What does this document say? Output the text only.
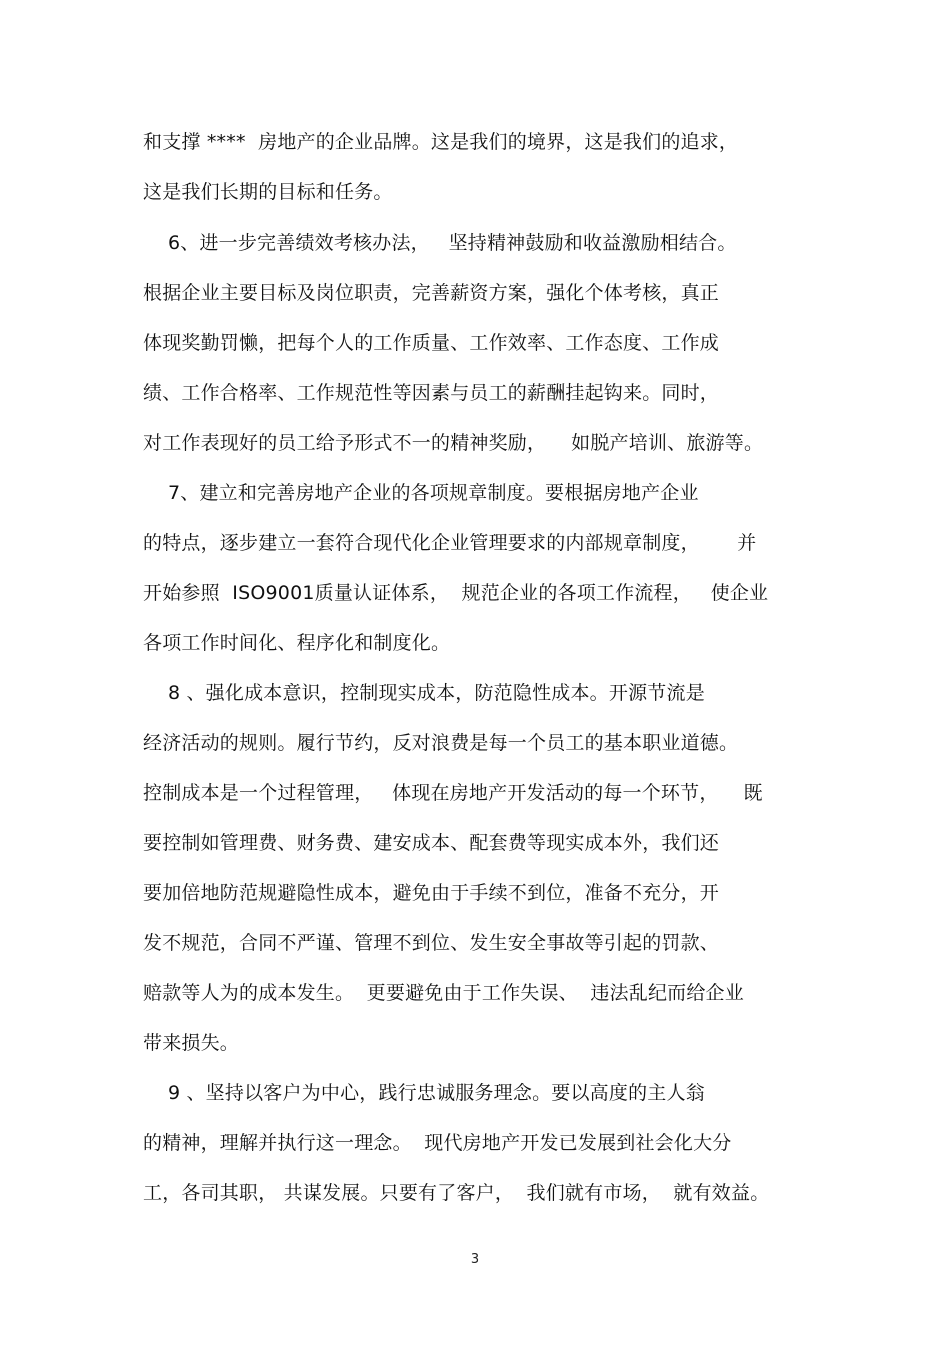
和支撑 ****  房地产的企业品牌。这是我们的境界，这是我们的追求，
这是我们长期的目标和任务。
6、进一步完善绩效考核办法，   坚持精神鼓励和收益激励相结合。
根据企业主要目标及岗位职责，完善薪资方案，强化个体考核，真正
体现奖勤罚懒，把每个人的工作质量、工作效率、工作态度、工作成
绩、工作合格率、工作规范性等因素与员工的薪酬挂起钩来。同时，
对工作表现好的员工给予形式不一的精神奖励，    如脱产培训、旅游等。
7、建立和完善房地产企业的各项规章制度。要根据房地产企业
的特点，逐步建立一套符合现代化企业管理要求的内部规章制度，      并
开始参照  ISO9001质量认证体系，  规范企业的各项工作流程，   使企业
各项工作时间化、程序化和制度化。
8 、强化成本意识，控制现实成本，防范隐性成本。开源节流是
经济活动的规则。履行节约，反对浪费是每一个员工的基本职业道德。
控制成本是一个过程管理，   体现在房地产开发活动的每一个环节，    既
要控制如管理费、财务费、建安成本、配套费等现实成本外，我们还
要加倍地防范规避隐性成本，避免由于手续不到位，准备不充分，开
发不规范，合同不严谨、管理不到位、发生安全事故等引起的罚款、
赔款等人为的成本发生。  更要避免由于工作失误、  违法乱纪而给企业
带来损失。
9 、坚持以客户为中心，践行忠诚服务理念。要以高度的主人翁
的精神，理解并执行这一理念。  现代房地产开发已发展到社会化大分
工，各司其职， 共谋发展。只要有了客户，  我们就有市场，  就有效益。
3
